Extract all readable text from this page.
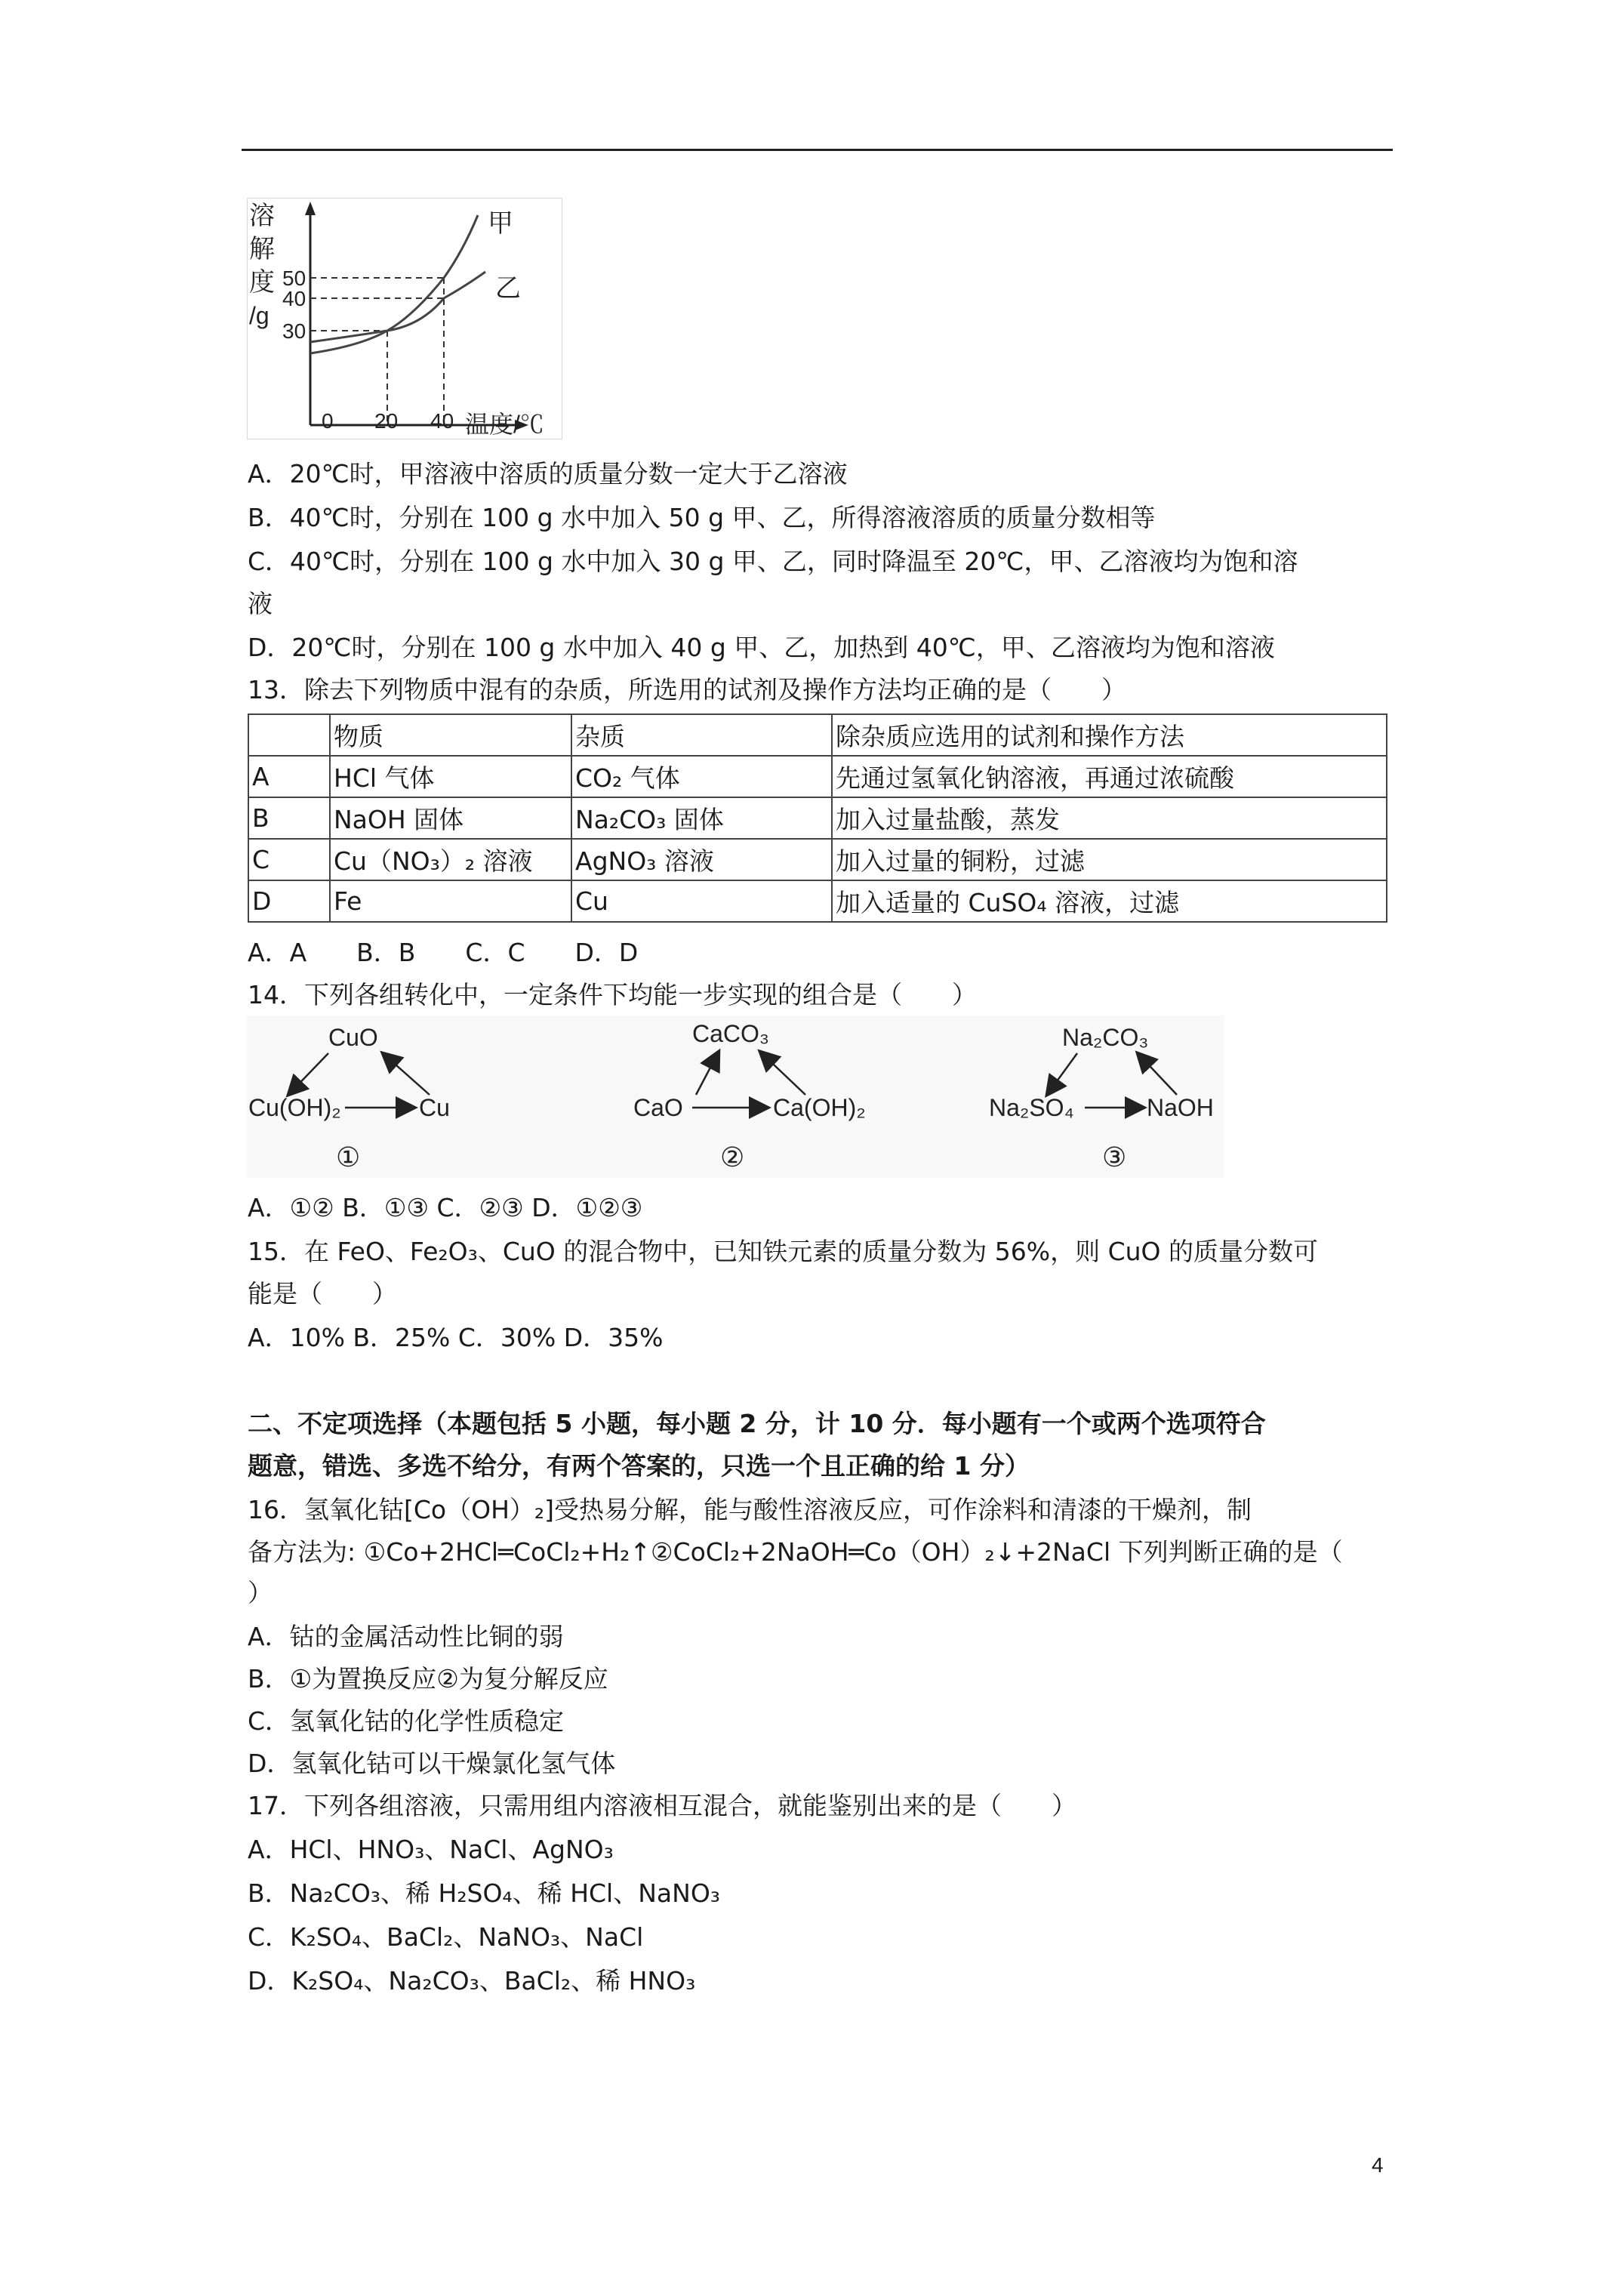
溶
解
度
/g
50
40
30
0 20 40 温度/℃
甲
乙
A．20℃时，甲溶液中溶质的质量分数一定大于乙溶液
B．40℃时，分别在 100 g 水中加入 50 g 甲、乙，所得溶液溶质的质量分数相等
C．40℃时，分别在 100 g 水中加入 30 g 甲、乙，同时降温至 20℃，甲、乙溶液均为饱和溶
液
D．20℃时，分别在 100 g 水中加入 40 g 甲、乙，加热到 40℃，甲、乙溶液均为饱和溶液
13．除去下列物质中混有的杂质，所选用的试剂及操作方法均正确的是（　　）
	物质	杂质	除杂质应选用的试剂和操作方法
A	HCl 气体	CO₂ 气体	先通过氢氧化钠溶液，再通过浓硫酸
B	NaOH 固体	Na₂CO₃ 固体	加入过量盐酸，蒸发
C	Cu（NO₃）₂ 溶液	AgNO₃ 溶液	加入过量的铜粉，过滤
D	Fe	Cu	加入适量的 CuSO₄ 溶液，过滤
A．A　　B．B　　C．C　　D．D
14．下列各组转化中，一定条件下均能一步实现的组合是（　　）
CuO
Cu(OH)₂	Cu
①
CaCO₃
CaO	Ca(OH)₂
②
Na₂CO₃
Na₂SO₄	NaOH
③
A．①② B．①③ C．②③ D．①②③
15．在 FeO、Fe₂O₃、CuO 的混合物中，已知铁元素的质量分数为 56%，则 CuO 的质量分数可
能是（　　）
A．10% B．25% C．30% D．35%
二、不定项选择（本题包括 5 小题，每小题 2 分，计 10 分．每小题有一个或两个选项符合
题意，错选、多选不给分，有两个答案的，只选一个且正确的给 1 分）
16．氢氧化钴[Co（OH）₂]受热易分解，能与酸性溶液反应，可作涂料和清漆的干燥剂，制
备方法为: ①Co+2HCl═CoCl₂+H₂↑②CoCl₂+2NaOH═Co（OH）₂↓+2NaCl 下列判断正确的是（
）
A．钴的金属活动性比铜的弱
B．①为置换反应②为复分解反应
C．氢氧化钴的化学性质稳定
D．氢氧化钴可以干燥氯化氢气体
17．下列各组溶液，只需用组内溶液相互混合，就能鉴别出来的是（　　）
A．HCl、HNO₃、NaCl、AgNO₃
B．Na₂CO₃、稀 H₂SO₄、稀 HCl、NaNO₃
C．K₂SO₄、BaCl₂、NaNO₃、NaCl
D．K₂SO₄、Na₂CO₃、BaCl₂、稀 HNO₃
4
